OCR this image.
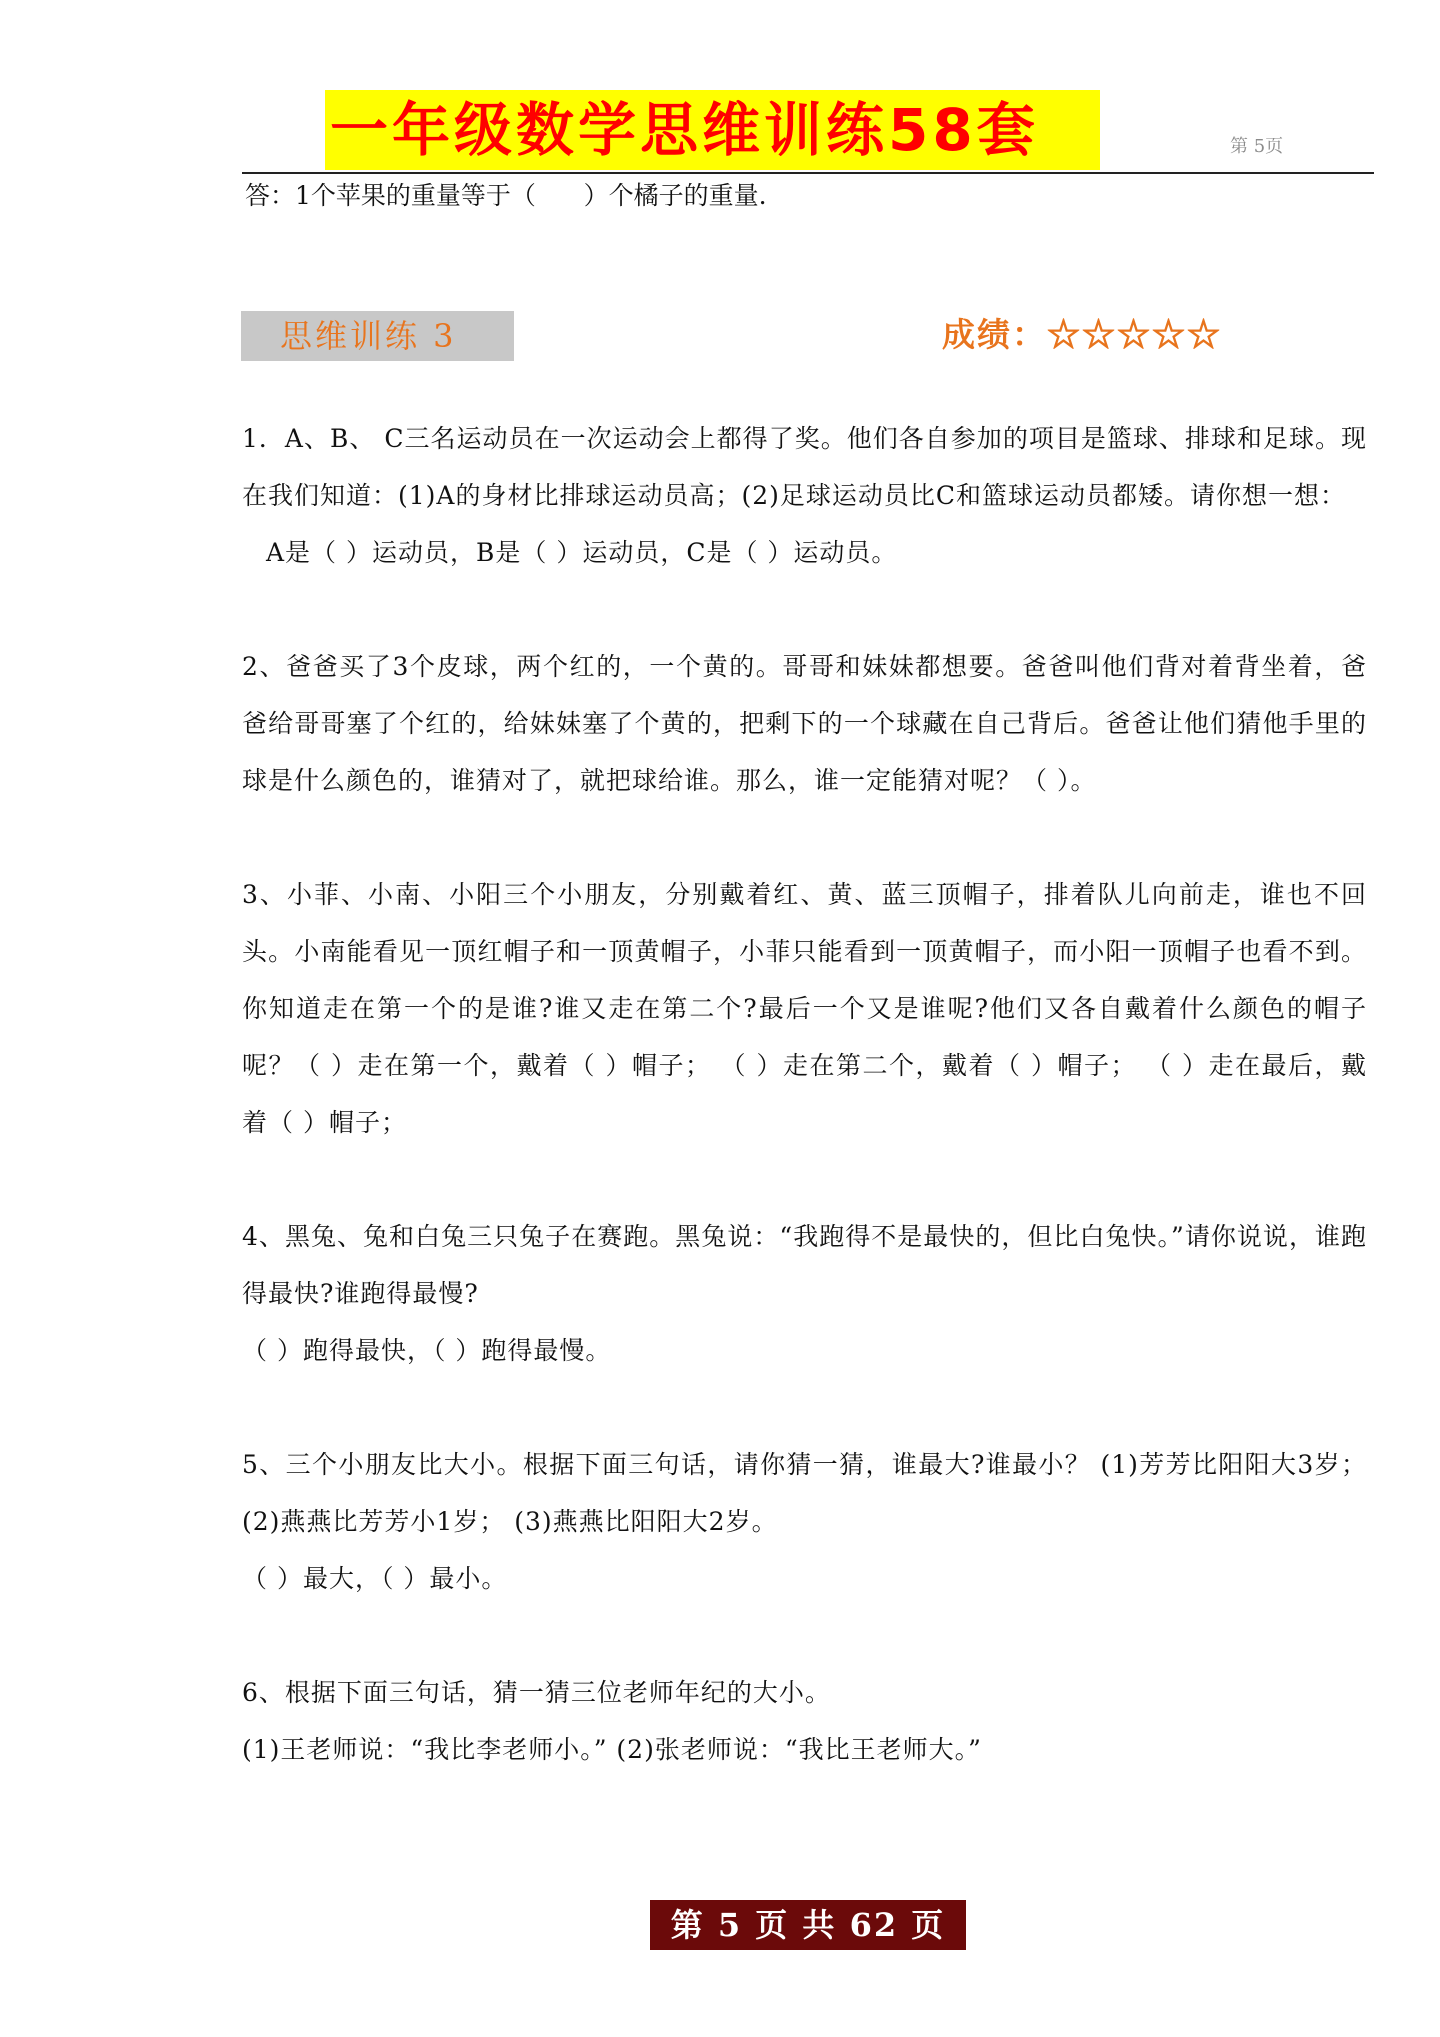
一年级数学思维训练58套	第 5页
答：1个苹果的重量等于（      ）个橘子的重量.
思维训练 3	成绩：☆☆☆☆☆

1．A、B、 C三名运动员在一次运动会上都得了奖。他们各自参加的项目是篮球、排球和足球。现在我们知道：(1)A的身材比排球运动员高；(2)足球运动员比C和篮球运动员都矮。请你想一想：

A是（ ）运动员，B是（ ）运动员，C是（ ）运动员。

2、爸爸买了3个皮球，两个红的，一个黄的。哥哥和妹妹都想要。爸爸叫他们背对着背坐着，爸爸给哥哥塞了个红的，给妹妹塞了个黄的，把剩下的一个球藏在自己背后。爸爸让他们猜他手里的球是什么颜色的，谁猜对了，就把球给谁。那么，谁一定能猜对呢？（ ）。

3、小菲、小南、小阳三个小朋友，分别戴着红、黄、蓝三顶帽子，排着队儿向前走，谁也不回头。小南能看见一顶红帽子和一顶黄帽子，小菲只能看到一顶黄帽子，而小阳一顶帽子也看不到。你知道走在第一个的是谁?谁又走在第二个?最后一个又是谁呢?他们又各自戴着什么颜色的帽子呢？（ ）走在第一个，戴着（ ）帽子； （ ）走在第二个，戴着（ ）帽子； （ ）走在最后，戴着（ ）帽子；

4、黑兔、兔和白兔三只兔子在赛跑。黑兔说：“我跑得不是最快的，但比白兔快。”请你说说，谁跑得最快?谁跑得最慢?

（ ）跑得最快，（ ）跑得最慢。

5、三个小朋友比大小。根据下面三句话，请你猜一猜，谁最大?谁最小？ (1)芳芳比阳阳大3岁； (2)燕燕比芳芳小1岁； (3)燕燕比阳阳大2岁。

（ ）最大，（ ）最小。

6、根据下面三句话，猜一猜三位老师年纪的大小。

(1)王老师说：“我比李老师小。” (2)张老师说：“我比王老师大。”

第 5 页 共 62 页
